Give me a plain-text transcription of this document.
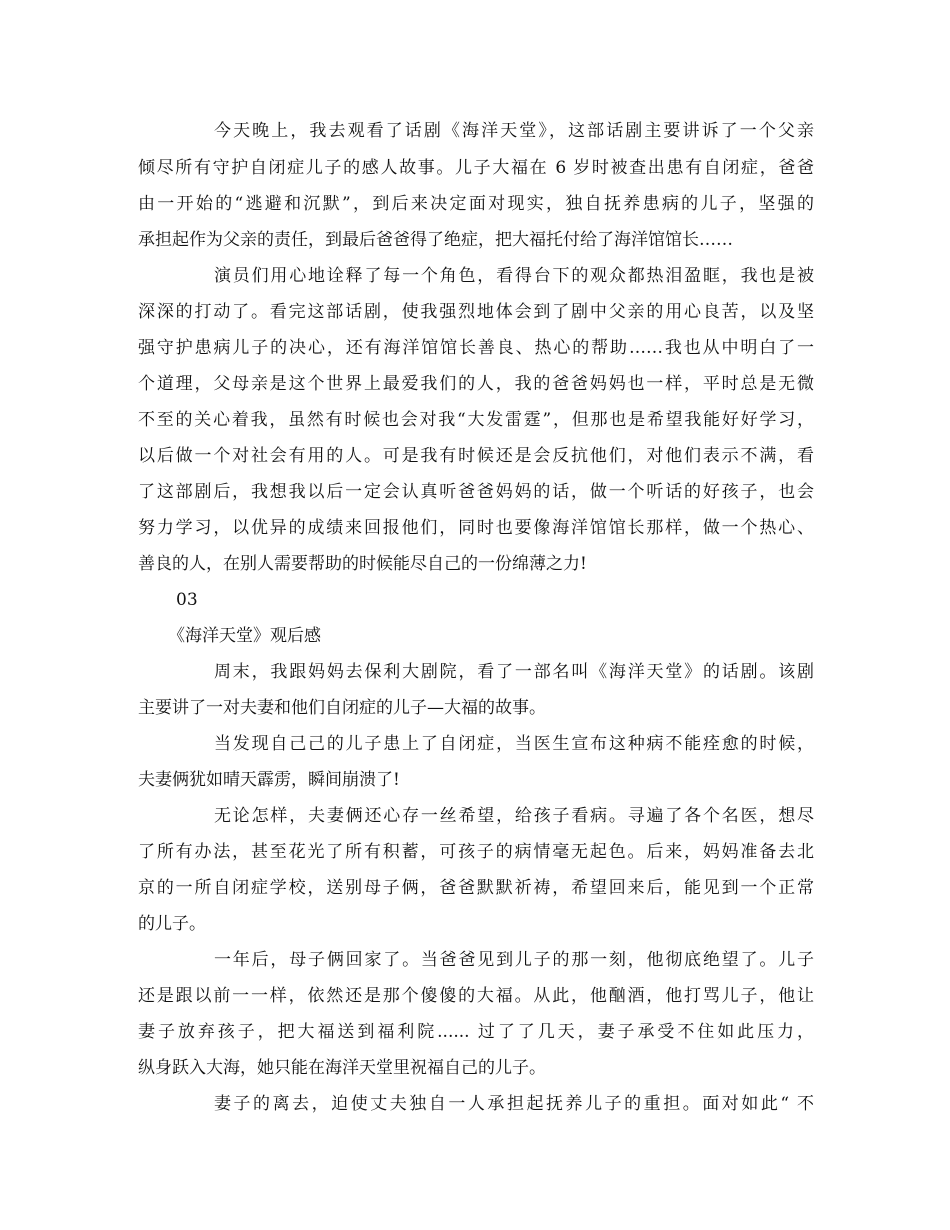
今天晚上，我去观看了话剧《海洋天堂》，这部话剧主要讲诉了一个父亲
倾尽所有守护自闭症儿子的感人故事。儿子大福在 6 岁时被查出患有自闭症，爸爸
由一开始的“逃避和沉默”，到后来决定面对现实，独自抚养患病的儿子，坚强的
承担起作为父亲的责任，到最后爸爸得了绝症，把大福托付给了海洋馆馆长……
演员们用心地诠释了每一个角色，看得台下的观众都热泪盈眶，我也是被
深深的打动了。看完这部话剧，使我强烈地体会到了剧中父亲的用心良苦，以及坚
强守护患病儿子的决心，还有海洋馆馆长善良、热心的帮助……我也从中明白了一
个道理，父母亲是这个世界上最爱我们的人，我的爸爸妈妈也一样，平时总是无微
不至的关心着我，虽然有时候也会对我“大发雷霆”，但那也是希望我能好好学习，
以后做一个对社会有用的人。可是我有时候还是会反抗他们，对他们表示不满，看
了这部剧后，我想我以后一定会认真听爸爸妈妈的话，做一个听话的好孩子，也会
努力学习，以优异的成绩来回报他们，同时也要像海洋馆馆长那样，做一个热心、
善良的人，在别人需要帮助的时候能尽自己的一份绵薄之力!
03
《海洋天堂》观后感
周末，我跟妈妈去保利大剧院，看了一部名叫《海洋天堂》的话剧。该剧
主要讲了一对夫妻和他们自闭症的儿子—大福的故事。
当发现自己己的儿子患上了自闭症，当医生宣布这种病不能痊愈的时候，
夫妻俩犹如晴天霹雳，瞬间崩溃了!
无论怎样，夫妻俩还心存一丝希望，给孩子看病。寻遍了各个名医，想尽
了所有办法，甚至花光了所有积蓄，可孩子的病情毫无起色。后来，妈妈准备去北
京的一所自闭症学校，送别母子俩，爸爸默默祈祷，希望回来后，能见到一个正常
的儿子。
一年后，母子俩回家了。当爸爸见到儿子的那一刻，他彻底绝望了。儿子
还是跟以前一一样，依然还是那个傻傻的大福。从此，他酗酒，他打骂儿子，他让
妻子放弃孩子，把大福送到福利院...... 过了了几天，妻子承受不住如此压力，
纵身跃入大海，她只能在海洋天堂里祝福自己的儿子。
妻子的离去，迫使丈夫独自一人承担起抚养儿子的重担。面对如此“ 不
